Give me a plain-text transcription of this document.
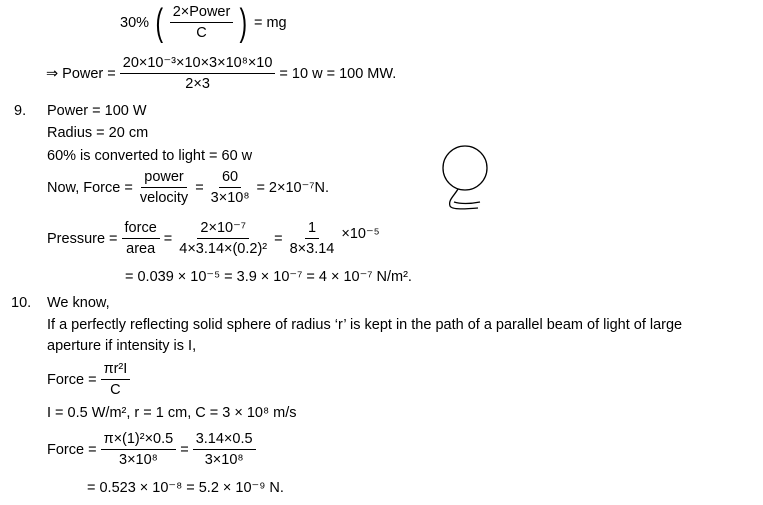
30% ( $\frac{\text{2×Power}}{C}$ ) = mg
⇒ Power = $\frac{\text{20×10⁻³×10×3×10⁸×10}}{2\times 3} = 10$ w = 100 MW.
9. Power = 100 W
Radius = 20 cm
60% is converted to light = 60 w
Now, Force = $\frac{\text{power}}{\text{velocity}} = \frac{60}{\text{3×10⁸}} = 2\times 10^{-7}N$.
Pressure = $\frac{\text{force}}{\text{area}} = \frac{\text{2×10⁻⁷}}{\text{4×3.14×(0.2)²}} = \frac{1}{8\times 3.14} \times 10^{-5}$
= 0.039 × 10⁻⁵ = 3.9 × 10⁻⁷ = 4 × 10⁻⁷ N/m².
10. We know,
If a perfectly reflecting solid sphere of radius ‘r’ is kept in the path of a parallel beam of light of large
aperture if intensity is I,
Force = $\frac{\text{πr²I}}{C}$
I = 0.5 W/m², r = 1 cm, C = 3 × 10⁸ m/s
Force = $\frac{\text{π×(1)²×0.5}}{\text{3×10⁸}} = \frac{3.14\times 0.5}{\text{3×10⁸}}$
= 0.523 × 10⁻⁸ = 5.2 × 10⁻⁹ N.
